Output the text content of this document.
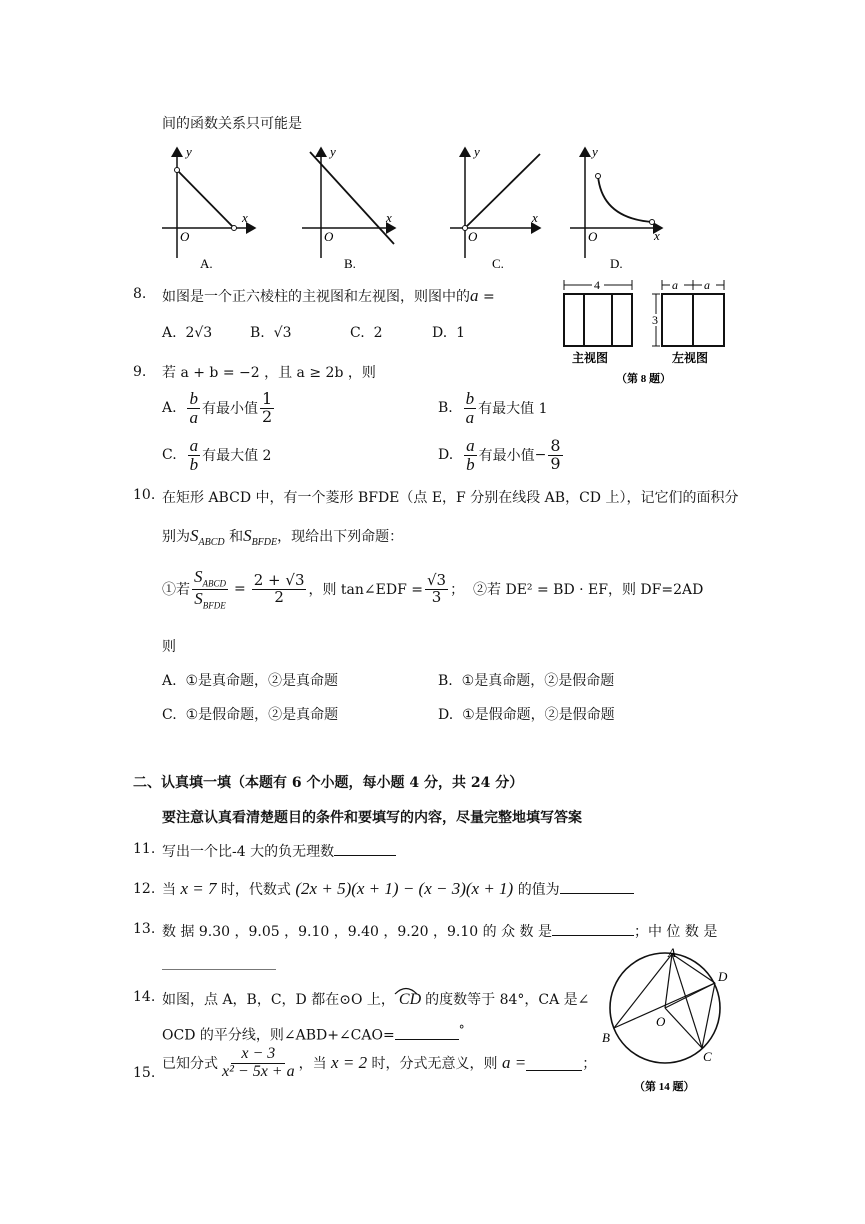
间的函数关系只可能是
y
x
O
A.
y
x
O
B.
y
x
O
C.
y
x
O
D.
8. 如图是一个正六棱柱的主视图和左视图，则图中的a =
A. 2√3	B. √3	C. 2	D. 1
4
主视图
a a
3
左视图
（第 8 题）
9. 若 a + b = −2 ，且 a ≥ 2b ，则
A.
$\frac{b}{a}$ 有最小值 $\frac{1}{2}$	B.
$\frac{b}{a}$ 有最大值 1
C.
$\frac{a}{b}$ 有最大值 2	D.
$\frac{a}{b}$ 有最小值 − $\frac{8}{9}$
10. 在矩形 ABCD 中，有一个菱形 BFDE（点 E，F 分别在线段 AB，CD 上），记它们的面积分
别为$S_{ABCD}$ 和$S_{BFDE}$，现给出下列命题：
①若 $\frac{S_{ABCD}}{S_{BFDE}} = \frac{2 + √3}{2}$ ，则 tan∠EDF = $\frac{√3}{3}$ ；
②若 DE² = BD · EF，则 DF=2AD
则
A. ①是真命题，②是真命题	B. ①是真命题，②是假命题
C. ①是假命题，②是真命题	D. ①是假命题，②是假命题
二、认真填一填（本题有 6 个小题，每小题 4 分，共 24 分）
要注意认真看清楚题目的条件和要填写的内容，尽量完整地填写答案
11. 写出一个比-4 大的负无理数
12. 当 x = 7 时，代数式 (2x + 5)(x + 1) − (x − 3)(x + 1) 的值为
13. 数 据 9.30 ，9.05 ，9.10 ，9.40 ，9.20 ，9.10 的 众 数 是	；中 位 数 是
14. 如图，点 A，B，C，D 都在⊙O 上， CD 的度数等于 84°，CA 是∠
OCD 的平分线，则∠ABD+∠CAO=	°
A
D
C
B
O
（第 14 题）
15.
已知分式 $\frac{x - 3}{\text{x² − 5x + a}}$ ，当
x = 2
时，分式无意义，则
a =	；
